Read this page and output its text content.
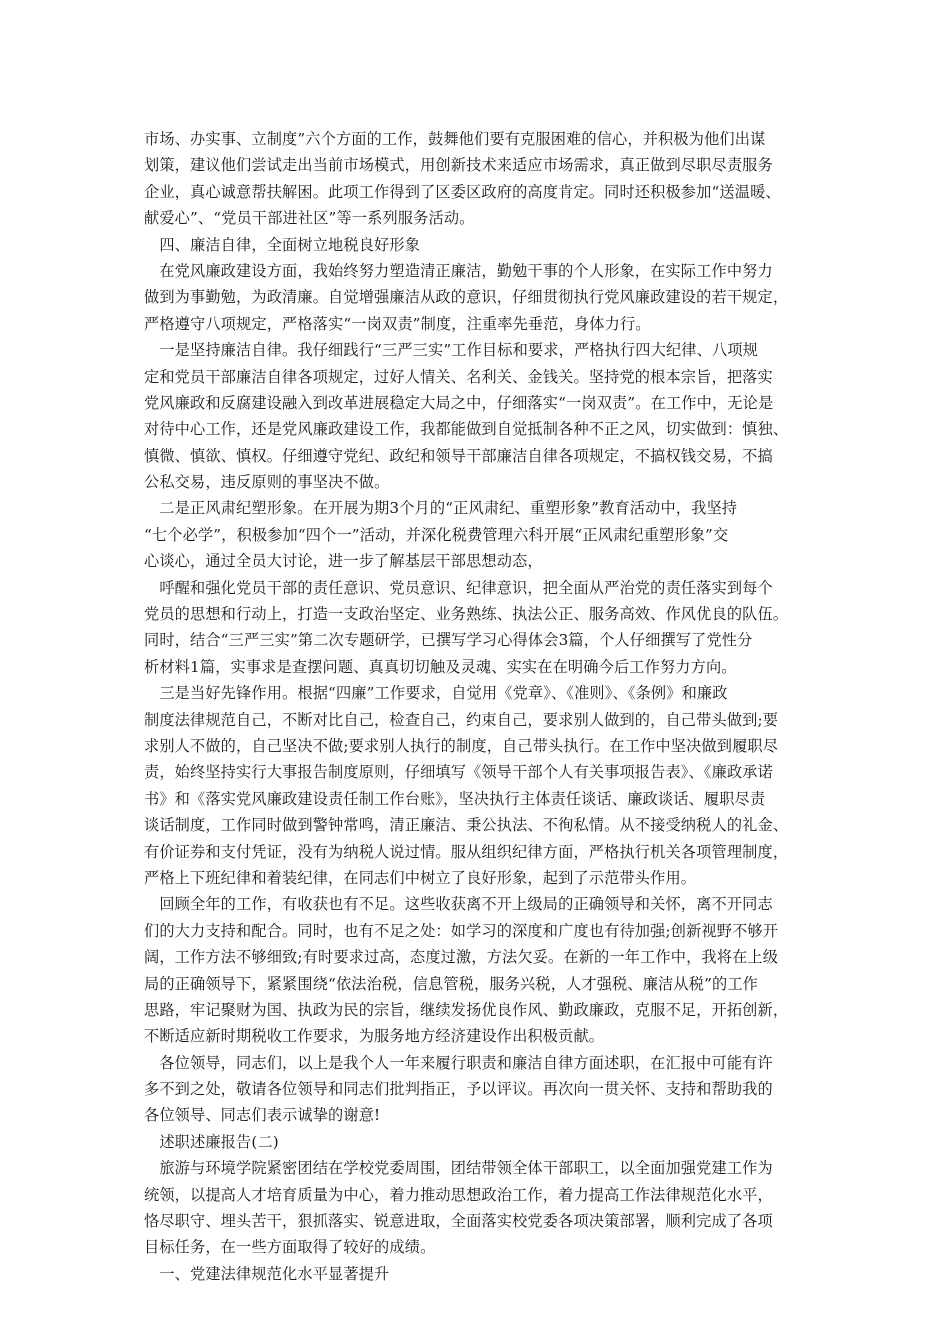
市场、办实事、立制度”六个方面的工作，鼓舞他们要有克服困难的信心，并积极为他们出谋
划策，建议他们尝试走出当前市场模式，用创新技术来适应市场需求，真正做到尽职尽责服务
企业，真心诚意帮扶解困。此项工作得到了区委区政府的高度肯定。同时还积极参加“送温暖、
献爱心”、“党员干部进社区”等一系列服务活动。
　四、廉洁自律，全面树立地税良好形象
　在党风廉政建设方面，我始终努力塑造清正廉洁，勤勉干事的个人形象，在实际工作中努力
做到为事勤勉，为政清廉。自觉增强廉洁从政的意识，仔细贯彻执行党风廉政建设的若干规定，
严格遵守八项规定，严格落实“一岗双责”制度，注重率先垂范，身体力行。
　一是坚持廉洁自律。我仔细践行“三严三实”工作目标和要求，严格执行四大纪律、八项规
定和党员干部廉洁自律各项规定，过好人情关、名利关、金钱关。坚持党的根本宗旨，把落实
党风廉政和反腐建设融入到改革进展稳定大局之中，仔细落实“一岗双责”。在工作中，无论是
对待中心工作，还是党风廉政建设工作，我都能做到自觉抵制各种不正之风，切实做到：慎独、
慎微、慎欲、慎权。仔细遵守党纪、政纪和领导干部廉洁自律各项规定，不搞权钱交易，不搞
公私交易，违反原则的事坚决不做。
　二是正风肃纪塑形象。在开展为期3个月的“正风肃纪、重塑形象”教育活动中，我坚持
“七个必学”，积极参加“四个一”活动，并深化税费管理六科开展“正风肃纪重塑形象”交
心谈心，通过全员大讨论，进一步了解基层干部思想动态，
　呼醒和强化党员干部的责任意识、党员意识、纪律意识，把全面从严治党的责任落实到每个
党员的思想和行动上，打造一支政治坚定、业务熟练、执法公正、服务高效、作风优良的队伍。
同时，结合“三严三实”第二次专题研学，已撰写学习心得体会3篇，个人仔细撰写了党性分
析材料1篇，实事求是查摆问题、真真切切触及灵魂、实实在在明确今后工作努力方向。
　三是当好先锋作用。根据“四廉”工作要求，自觉用《党章》、《准则》、《条例》和廉政
制度法律规范自己，不断对比自己，检查自己，约束自己，要求别人做到的，自己带头做到;要
求别人不做的，自己坚决不做;要求别人执行的制度，自己带头执行。在工作中坚决做到履职尽
责，始终坚持实行大事报告制度原则，仔细填写《领导干部个人有关事项报告表》、《廉政承诺
书》和《落实党风廉政建设责任制工作台账》，坚决执行主体责任谈话、廉政谈话、履职尽责
谈话制度，工作同时做到警钟常鸣，清正廉洁、秉公执法、不徇私情。从不接受纳税人的礼金、
有价证券和支付凭证，没有为纳税人说过情。服从组织纪律方面，严格执行机关各项管理制度，
严格上下班纪律和着装纪律，在同志们中树立了良好形象，起到了示范带头作用。
　回顾全年的工作，有收获也有不足。这些收获离不开上级局的正确领导和关怀，离不开同志
们的大力支持和配合。同时，也有不足之处：如学习的深度和广度也有待加强;创新视野不够开
阔，工作方法不够细致;有时要求过高，态度过激，方法欠妥。在新的一年工作中，我将在上级
局的正确领导下，紧紧围绕“依法治税，信息管税，服务兴税，人才强税、廉洁从税”的工作
思路，牢记聚财为国、执政为民的宗旨，继续发扬优良作风、勤政廉政，克服不足，开拓创新，
不断适应新时期税收工作要求，为服务地方经济建设作出积极贡献。
　各位领导，同志们，以上是我个人一年来履行职责和廉洁自律方面述职，在汇报中可能有许
多不到之处，敬请各位领导和同志们批判指正，予以评议。再次向一贯关怀、支持和帮助我的
各位领导、同志们表示诚挚的谢意!
　述职述廉报告(二)
　旅游与环境学院紧密团结在学校党委周围，团结带领全体干部职工，以全面加强党建工作为
统领，以提高人才培育质量为中心，着力推动思想政治工作，着力提高工作法律规范化水平，
恪尽职守、埋头苦干，狠抓落实、锐意进取，全面落实校党委各项决策部署，顺利完成了各项
目标任务，在一些方面取得了较好的成绩。
　一、党建法律规范化水平显著提升
